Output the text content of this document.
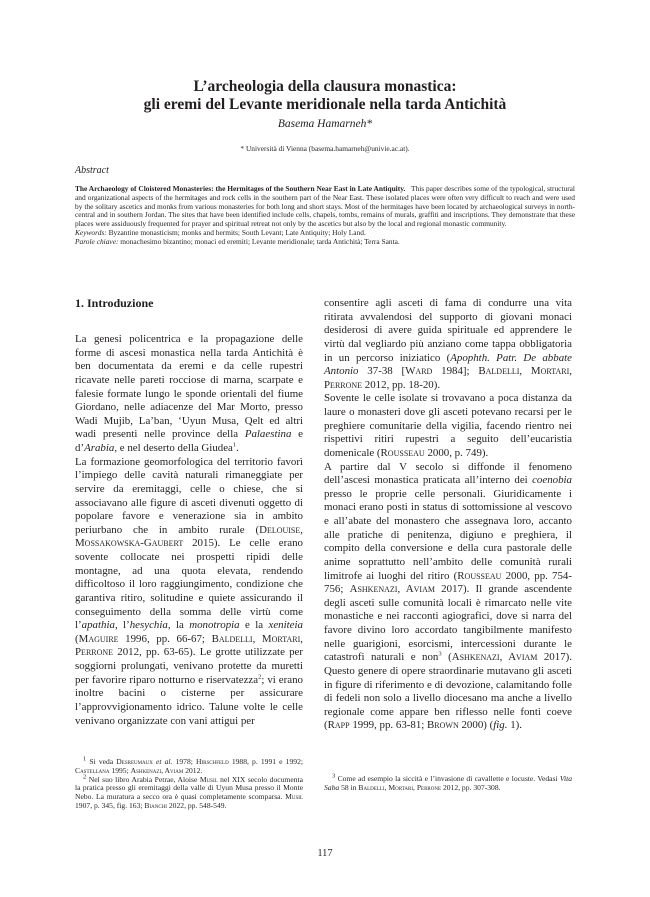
L’archeologia della clausura monastica:

gli eremi del Levante meridionale nella tarda Antichità

Basema Hamarneh*
* Università di Vienna (basema.hamarneh@univie.ac.at).
Abstract

The Archaeology of Cloistered Monasteries: the Hermitages of the Southern Near East in Late Antiquity. This paper describes some of the typological, structural and organizational aspects of the hermitages and rock cells in the southern part of the Near East. These isolated places were often very difficult to reach and were used by the solitary ascetics and monks from various monasteries for both long and short stays. Most of the hermitages have been located by archaeological surveys in north-central and in southern Jordan. The sites that have been identified include cells, chapels, tombs, remains of murals, graffiti and inscriptions. They demonstrate that these places were assiduously frequented for prayer and spiritual retreat not only by the ascetics but also by the local and regional monastic community.

Keywords: Byzantine monasticism; monks and hermits; South Levant; Late Antiquity; Holy Land.

Parole chiave: monachesimo bizantino; monaci ed eremiti; Levante meridionale; tarda Antichità; Terra Santa.

1. Introduzione

La genesi policentrica e la propagazione delle forme di ascesi monastica nella tarda Antichità è ben documentata da eremi e da celle rupestri ricavate nelle pareti rocciose di marna, scarpate e falesie formate lungo le sponde orientali del fiume Giordano, nelle adiacenze del Mar Morto, presso Wadi Mujib, La’ban, ‘Uyun Musa, Qelt ed altri wadi presenti nelle province della Palaestina e d’Arabia, e nel deserto della Giudea$^1$.

La formazione geomorfologica del territorio favorì l’impiego delle cavità naturali rimaneggiate per servire da eremitaggi, celle o chiese, che si associavano alle figure di asceti divenuti oggetto di popolare favore e venerazione sia in ambito periurbano che in ambito rurale (Delouise, Mossakowska-Gaubert 2015). Le celle erano sovente collocate nei prospetti ripidi delle montagne, ad una quota elevata, rendendo difficoltoso il loro raggiungimento, condizione che garantiva ritiro, solitudine e quiete assicurando il conseguimento della somma delle virtù come l’apathia, l’hesychia, la monotropia e la xeniteia (Maguire 1996, pp. 66-67; Baldelli, Mortari, Perrone 2012, pp. 63-65). Le grotte utilizzate per soggiorni prolungati, venivano protette da muretti per favorire riparo notturno e riservatezza$^2$; vi erano inoltre bacini o cisterne per assicurare l’approvvigionamento idrico. Talune volte le celle venivano organizzate con vani attigui per

consentire agli asceti di fama di condurre una vita ritirata avvalendosi del supporto di giovani monaci desiderosi di avere guida spirituale ed apprendere le virtù dal vegliardo più anziano come tappa obbligatoria in un percorso iniziatico (Apophth. Patr. De abbate Antonio 37-38 [Ward 1984]; Baldelli, Mortari, Perrone 2012, pp. 18-20).

Sovente le celle isolate si trovavano a poca distanza da laure o monasteri dove gli asceti potevano recarsi per le preghiere comunitarie della vigilia, facendo rientro nei rispettivi ritiri rupestri a seguito dell’eucaristia domenicale (Rousseau 2000, p. 749).

A partire dal V secolo si diffonde il fenomeno dell’ascesi monastica praticata all’interno dei coenobia presso le proprie celle personali. Giuridicamente i monaci erano posti in status di sottomissione al vescovo e all’abate del monastero che assegnava loro, accanto alle pratiche di penitenza, digiuno e preghiera, il compito della conversione e della cura pastorale delle anime soprattutto nell’ambito delle comunità rurali limitrofe ai luoghi del ritiro (Rousseau 2000, pp. 754-756; Ashkenazi, Aviam 2017). Il grande ascendente degli asceti sulle comunità locali è rimarcato nelle vite monastiche e nei racconti agiografici, dove si narra del favore divino loro accordato tangibilmente manifesto nelle guarigioni, esorcismi, intercessioni durante le catastrofi naturali e non$^3$ (Ashkenazi, Aviam 2017). Questo genere di opere straordinarie mutavano gli asceti in figure di riferimento e di devozione, calamitando folle di fedeli non solo a livello diocesano ma anche a livello regionale come appare ben riflesso nelle fonti coeve (Rapp 1999, pp. 63-81; Brown 2000) (fig. 1).

$^1$ Si veda Desreumaux et al. 1978; Hirschfeld 1988, p. 1991 e 1992; Castellana 1995; Ashkenazi, Aviam 2012.

$^2$ Nel suo libro Arabia Petrae, Aloise Musil nel XIX secolo documenta la pratica presso gli eremitaggi della valle di Uyun Musa presso il Monte Nebo. La muratura a secco ora è quasi completamente scomparsa. Musil 1907, p. 345, fig. 163; Bianchi 2022, pp. 548-549.

$^3$ Come ad esempio la siccità e l’invasione di cavallette e locuste. Vedasi Vita Saba 58 in Baldelli, Mortari, Perrone 2012, pp. 307-308.

117
